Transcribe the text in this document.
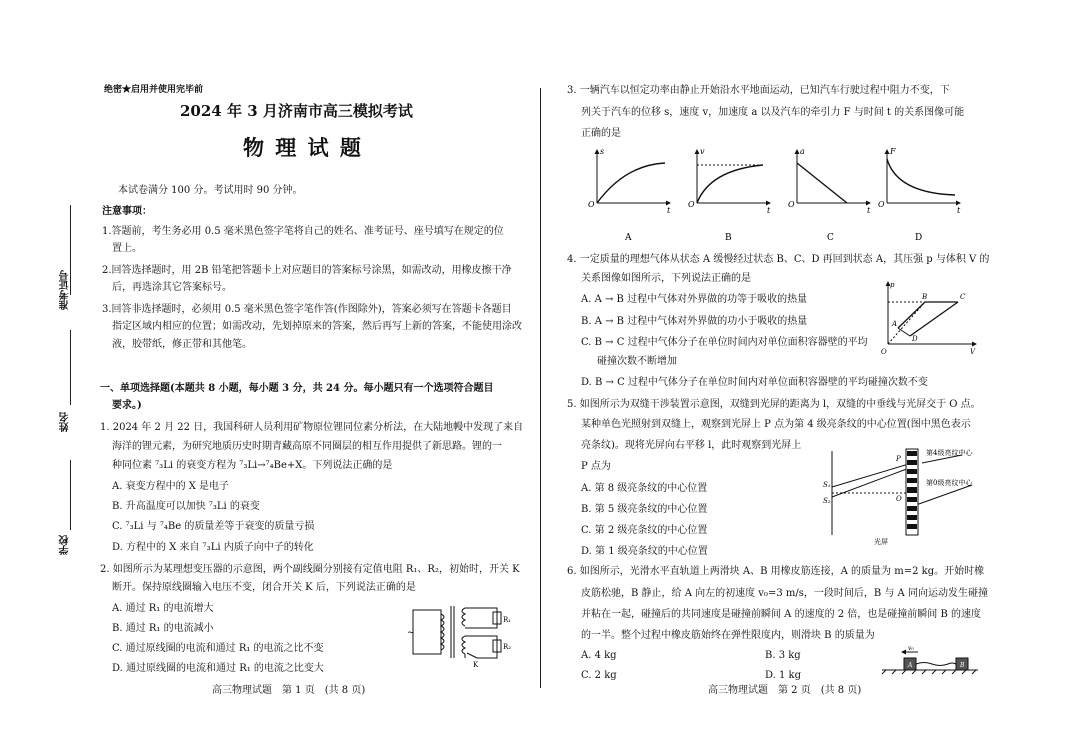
绝密★启用并使用完毕前
2024 年 3 月济南市高三模拟考试
物 理 试 题
本试卷满分 100 分。考试用时 90 分钟。
注意事项：
1.答题前，考生务必用 0.5 毫米黑色签字笔将自己的姓名、准考证号、座号填写在规定的位
置上。
2.回答选择题时，用 2B 铅笔把答题卡上对应题目的答案标号涂黑，如需改动，用橡皮擦干净
后，再选涂其它答案标号。
3.回答非选择题时，必须用 0.5 毫米黑色签字笔作答(作图除外)，答案必须写在答题卡各题目
指定区域内相应的位置；如需改动，先划掉原来的答案，然后再写上新的答案，不能使用涂改
液，胶带纸，修正带和其他笔。
一、单项选择题(本题共 8 小题，每小题 3 分，共 24 分。每小题只有一个选项符合题目
要求。)
1. 2024 年 2 月 22 日，我国科研人员利用矿物原位锂同位素分析法，在大陆地幔中发现了来自
海洋的锂元素，为研究地质历史时期青藏高原不同圈层的相互作用提供了新思路。锂的一
种同位素 ⁷₃Li 的衰变方程为 ⁷₃Li→⁷₄Be+X。下列说法正确的是
A. 衰变方程中的 X 是电子
B. 升高温度可以加快 ⁷₃Li 的衰变
C. ⁷₃Li 与 ⁷₄Be 的质量差等于衰变的质量亏损
D. 方程中的 X 来自 ⁷₃Li 内质子向中子的转化
2. 如图所示为某理想变压器的示意图，两个副线圈分别接有定值电阻 R₁、R₂，初始时，开关 K
断开。保持原线圈输入电压不变，闭合开关 K 后，下列说法正确的是
A. 通过 R₁ 的电流增大
B. 通过 R₁ 的电流减小
C. 通过原线圈的电流和通过 R₁ 的电流之比不变
D. 通过原线圈的电流和通过 R₁ 的电流之比变大
~
R₁
R₂
K
高三物理试题　第 1 页　(共 8 页)
准考证号
姓名
学校
3. 一辆汽车以恒定功率由静止开始沿水平地面运动，已知汽车行驶过程中阻力不变，下
列关于汽车的位移 s，速度 v，加速度 a 以及汽车的牵引力 F 与时间 t 的关系图像可能
正确的是
s
t
O
v
t
O
a
t
O
F
t
O
A	B	C	D
4. 一定质量的理想气体从状态 A 缓慢经过状态 B、C、D 再回到状态 A，其压强 p 与体积 V 的
关系图像如图所示，下列说法正确的是
A. A → B 过程中气体对外界做的功等于吸收的热量
B. A → B 过程中气体对外界做的功小于吸收的热量
C. B → C 过程中气体分子在单位时间内对单位面积容器壁的平均
碰撞次数不断增加
D. B → C 过程中气体分子在单位时间内对单位面积容器壁的平均碰撞次数不变
p
V
O
A
B	C
D
5. 如图所示为双缝干涉装置示意图，双缝到光屏的距离为 l，双缝的中垂线与光屏交于 O 点。
某种单色光照射到双缝上，观察到光屏上 P 点为第 4 级亮条纹的中心位置(图中黑色表示
亮条纹)。现将光屏向右平移 l，此时观察到光屏上
P 点为
A. 第 8 级亮条纹的中心位置
B. 第 5 级亮条纹的中心位置
C. 第 2 级亮条纹的中心位置
D. 第 1 级亮条纹的中心位置
S₁
S₂
P
O
第4级亮纹中心
第0级亮纹中心
光屏
6. 如图所示，光滑水平直轨道上两滑块 A、B 用橡皮筋连接，A 的质量为 m=2 kg。开始时橡
皮筋松驰，B 静止，给 A 向左的初速度 v₀=3 m/s，一段时间后，B 与 A 同向运动发生碰撞
并粘在一起，碰撞后的共同速度是碰撞前瞬间 A 的速度的 2 倍，也是碰撞前瞬间 B 的速度
的一半。整个过程中橡皮筋始终在弹性限度内，则滑块 B 的质量为
A. 4 kg	B. 3 kg
C. 2 kg	D. 1 kg
A	B
v₀
高三物理试题　第 2 页　(共 8 页)
